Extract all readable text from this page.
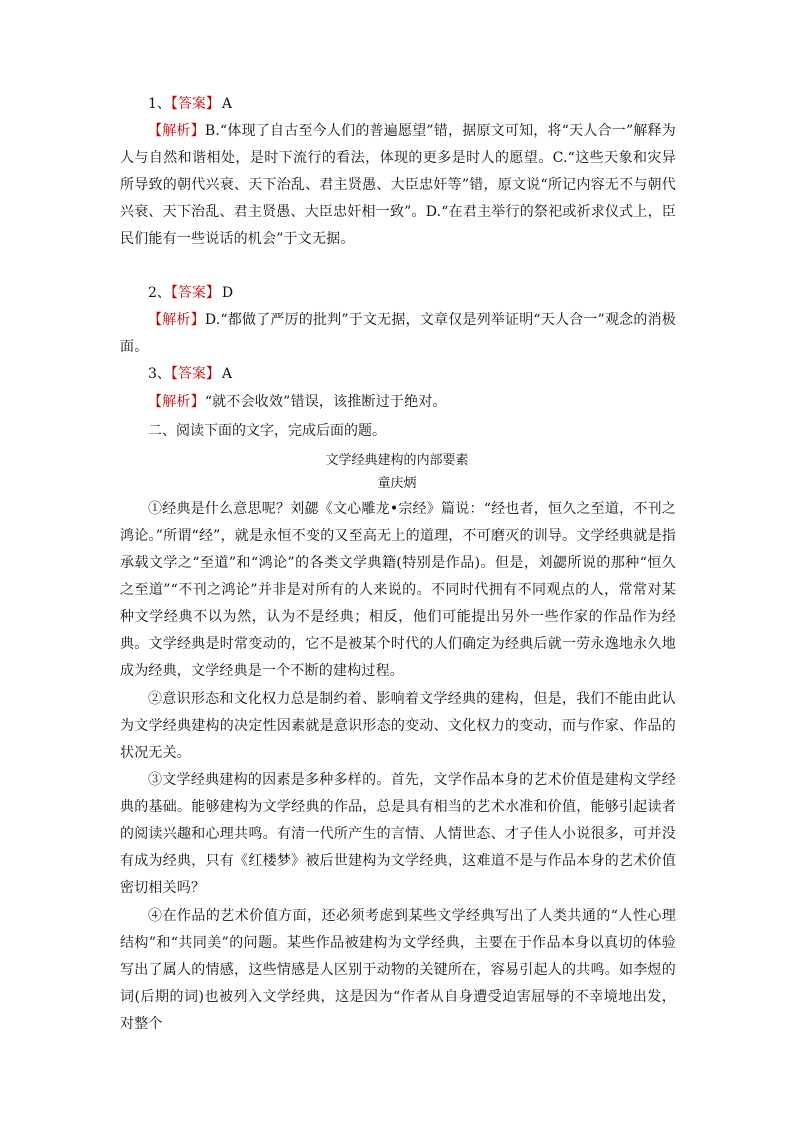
1、【答案】 A
【解析】B.“体现了自古至今人们的普遍愿望”错，据原文可知，将“天人合一”解释为人与自然和谐相处，是时下流行的看法，体现的更多是时人的愿望。C.“这些天象和灾异所导致的朝代兴衰、天下治乱、君主贤愚、大臣忠奸等”错，原文说“所记内容无不与朝代兴衰、天下治乱、君主贤愚、大臣忠奸相一致”。D.“在君主举行的祭祀或祈求仪式上，臣民们能有一些说话的机会”于文无据。
2、【答案】 D
【解析】D.“都做了严厉的批判”于文无据，文章仅是列举证明“天人合一”观念的消极面。
3、【答案】 A
【解析】“就不会收效”错误，该推断过于绝对。
二、阅读下面的文字，完成后面的题。
文学经典建构的内部要素
童庆炳
①经典是什么意思呢？刘勰《文心雕龙•宗经》篇说：“经也者，恒久之至道，不刊之鸿论。”所谓“经”，就是永恒不变的又至高无上的道理，不可磨灭的训导。文学经典就是指承载文学之“至道”和“鸿论”的各类文学典籍(特别是作品)。但是，刘勰所说的那种“恒久之至道”“不刊之鸿论”并非是对所有的人来说的。不同时代拥有不同观点的人，常常对某种文学经典不以为然，认为不是经典；相反，他们可能提出另外一些作家的作品作为经典。文学经典是时常变动的，它不是被某个时代的人们确定为经典后就一劳永逸地永久地成为经典，文学经典是一个不断的建构过程。
②意识形态和文化权力总是制约着、影响着文学经典的建构，但是，我们不能由此认为文学经典建构的决定性因素就是意识形态的变动、文化权力的变动，而与作家、作品的状况无关。
③文学经典建构的因素是多种多样的。首先，文学作品本身的艺术价值是建构文学经典的基础。能够建构为文学经典的作品，总是具有相当的艺术水准和价值，能够引起读者的阅读兴趣和心理共鸣。有清一代所产生的言情、人情世态、才子佳人小说很多，可并没有成为经典，只有《红楼梦》被后世建构为文学经典，这难道不是与作品本身的艺术价值密切相关吗？
④在作品的艺术价值方面，还必须考虑到某些文学经典写出了人类共通的“人性心理结构”和“共同美”的问题。某些作品被建构为文学经典，主要在于作品本身以真切的体验写出了属人的情感，这些情感是人区别于动物的关键所在，容易引起人的共鸣。如李煜的词(后期的词)也被列入文学经典，这是因为“作者从自身遭受迫害屈辱的不幸境地出发，对整个
